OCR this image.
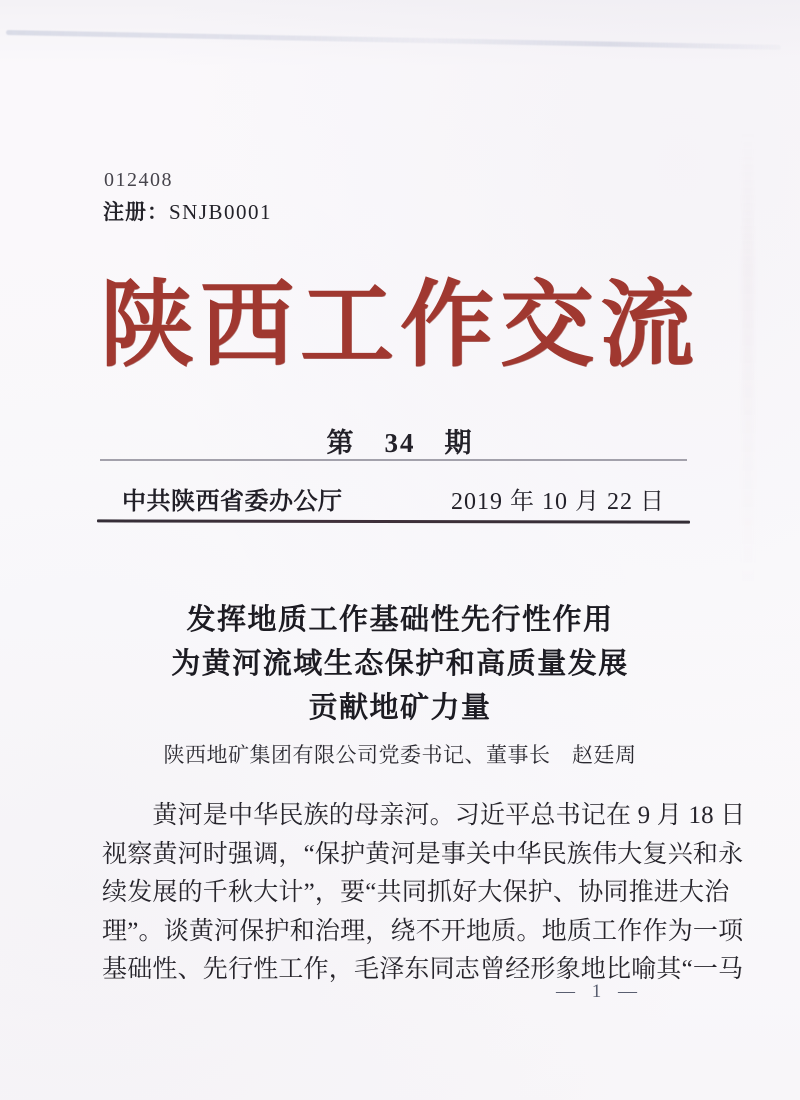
012408
注册：SNJB0001
陕西工作交流
第　34　期
中共陕西省委办公厅	2019 年 10 月 22 日
发挥地质工作基础性先行性作用
为黄河流域生态保护和高质量发展
贡献地矿力量
陕西地矿集团有限公司党委书记、董事长　赵廷周
　　黄河是中华民族的母亲河。习近平总书记在 9 月 18 日
视察黄河时强调，“保护黄河是事关中华民族伟大复兴和永
续发展的千秋大计”，要“共同抓好大保护、协同推进大治
理”。谈黄河保护和治理，绕不开地质。地质工作作为一项
基础性、先行性工作，毛泽东同志曾经形象地比喻其“一马
— 1 —
